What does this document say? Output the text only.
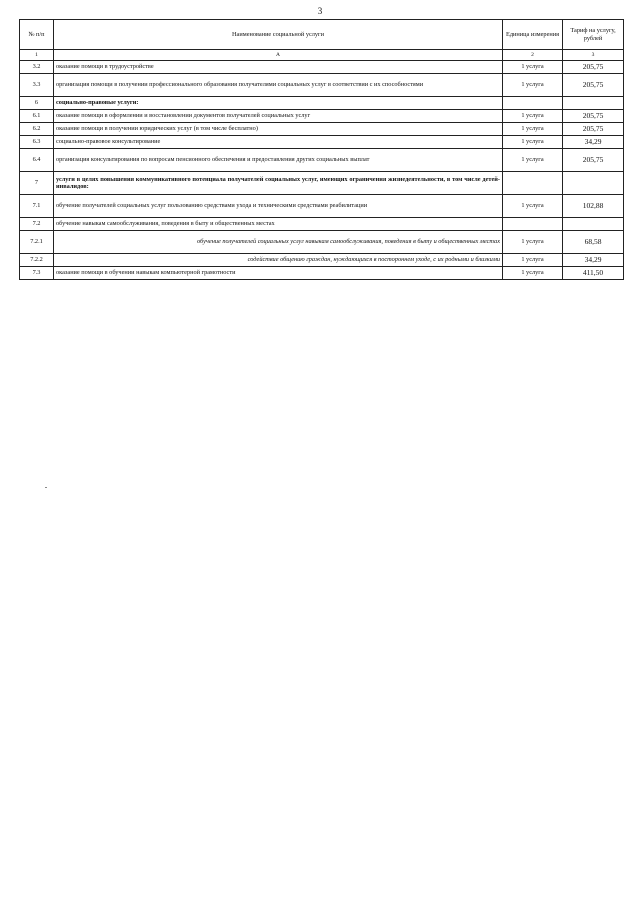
3
№ п/п	Наименование социальной услуги	Единица измерения	Тариф на услугу, рублей
1	А	2	3
3.2	оказание помощи в трудоустройстве	1 услуга	205,75
3.3	организация помощи в получении профессионального образования получателями социальных услуг в соответствии с их способностями	1 услуга	205,75
6	социально-правовые услуги:		
6.1	оказание помощи в оформлении и восстановлении документов получателей социальных услуг	1 услуга	205,75
6.2	оказание помощи в получении юридических услуг (в том числе бесплатно)	1 услуга	205,75
6.3	социально-правовое консультирование	1 услуга	34,29
6.4	организация консультирования по вопросам пенсионного обеспечения и предоставления других социальных выплат	1 услуга	205,75
7	услуги в целях повышения коммуникативного потенциала получателей социальных услуг, имеющих ограничения жизнедеятельности, в том числе детей-инвалидов:		
7.1	обучение получателей социальных услуг пользованию средствами ухода и техническими средствами реабилитации	1 услуга	102,88
7.2	обучение навыкам самообслуживания, поведения в быту и общественных местах		
7.2.1	обучение получателей социальных услуг навыкам самообслуживания, поведения в быту и общественных местах	1 услуга	68,58
7.2.2	содействие общению граждан, нуждающихся в постороннем уходе, с их родными и близкими	1 услуга	34,29
7.3	оказание помощи в обучении навыкам компьютерной грамотности	1 услуга	411,50
